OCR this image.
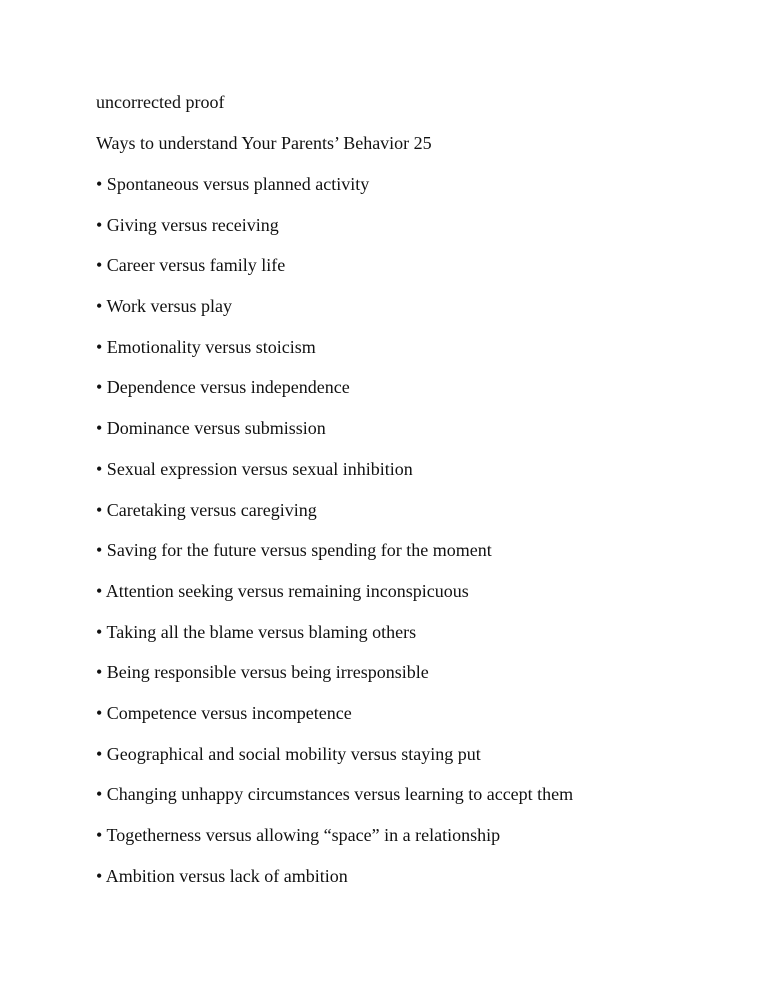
uncorrected proof
Ways to understand Your Parents’ Behavior 25
• Spontaneous versus planned activity
• Giving versus receiving
• Career versus family life
• Work versus play
• Emotionality versus stoicism
• Dependence versus independence
• Dominance versus submission
• Sexual expression versus sexual inhibition
• Caretaking versus caregiving
• Saving for the future versus spending for the moment
• Attention seeking versus remaining inconspicuous
• Taking all the blame versus blaming others
• Being responsible versus being irresponsible
• Competence versus incompetence
• Geographical and social mobility versus staying put
• Changing unhappy circumstances versus learning to accept them
• Togetherness versus allowing “space” in a relationship
• Ambition versus lack of ambition
